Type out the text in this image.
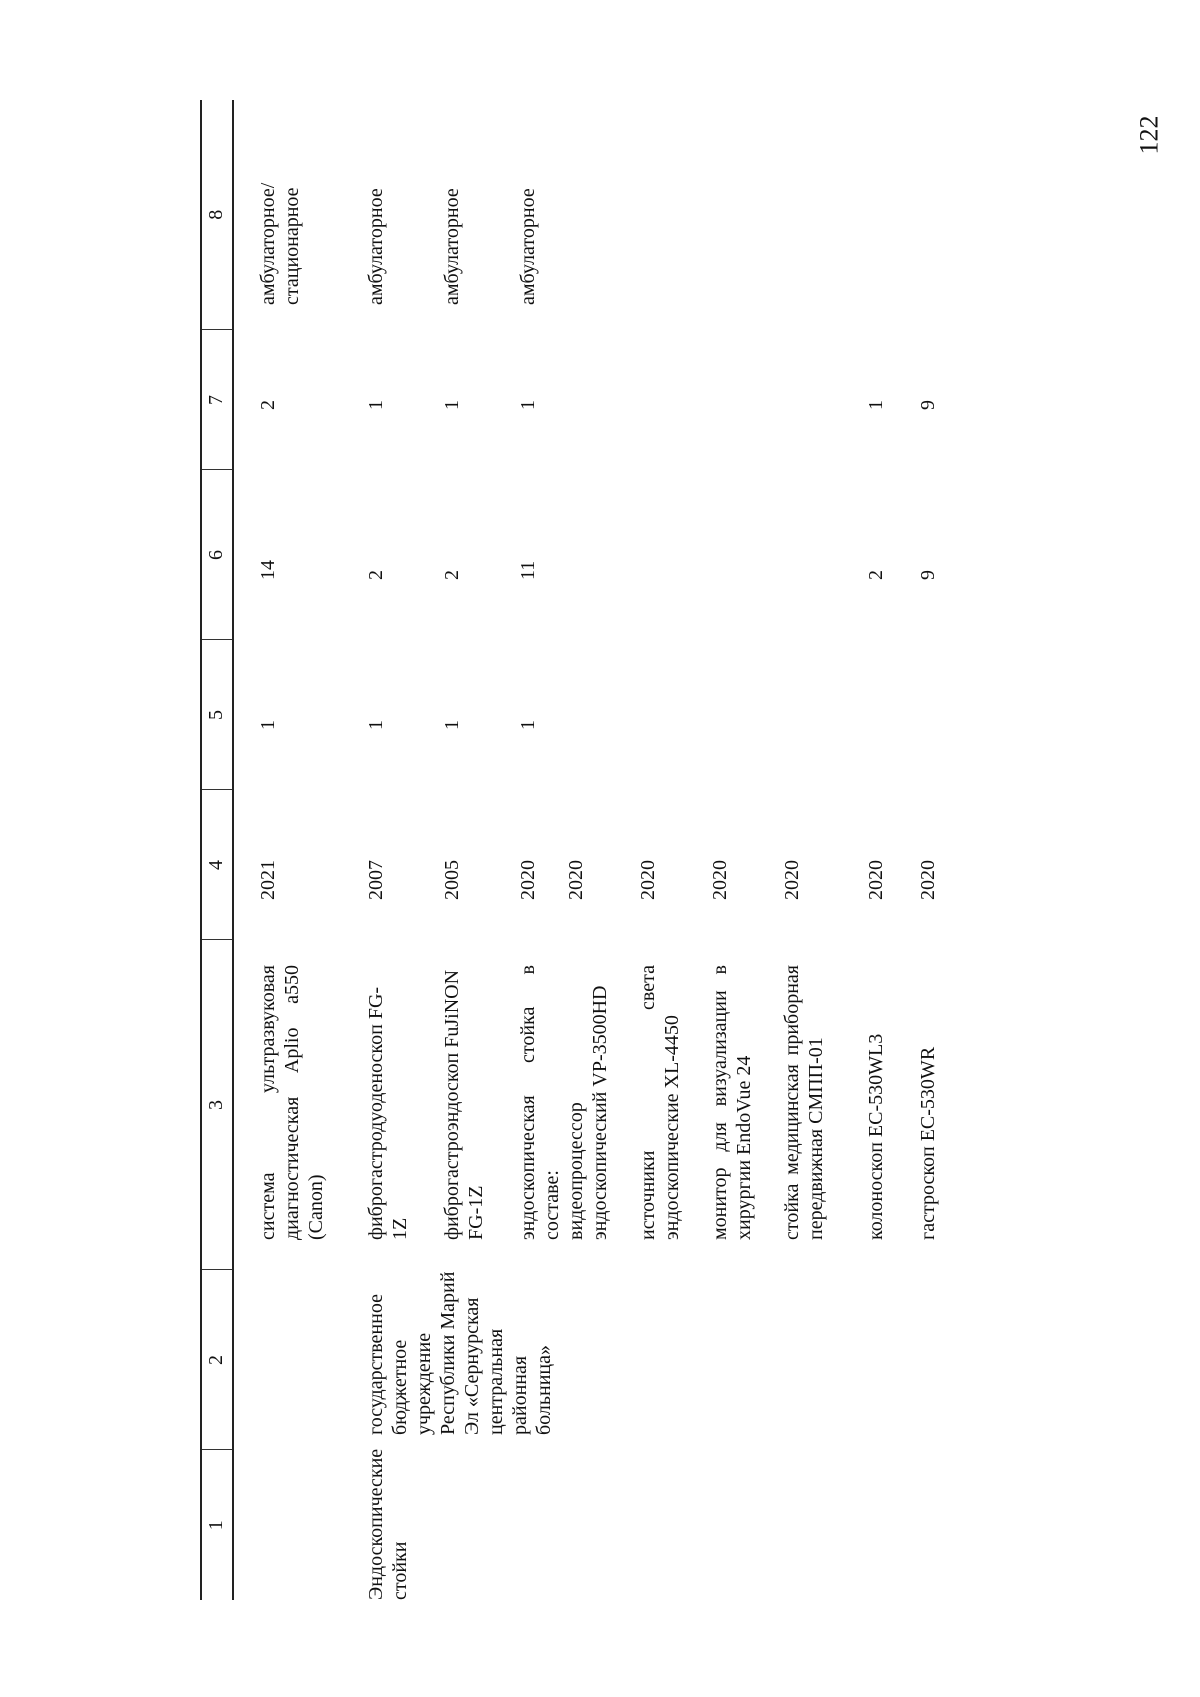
122
1	2	3	4	5	6	7	8

		система ультразвуковая диагностическая Aplio a550 (Canon)	2021	1	14	2	амбулаторное/ стационарное

Эндоскопические стойки	государственное бюджетное учреждение Республики Марий Эл «Сернурская центральная районная больница»	фиброгастродуоденоскоп FG-1Z	2007	1	2	1	амбулаторное

		фиброгастроэндоскоп FuJiNON FG-1Z	2005	1	2	1	амбулаторное

		эндоскопическая стойка в составе:	2020	1	11	1	амбулаторное

		видеопроцессор эндоскопический VP-3500HD	2020				

		источники света эндоскопические XL-4450	2020				

		монитор для визуализации в хирургии EndoVue 24	2020				

		стойка медицинская приборная передвижная СМПП-01	2020				

		колоноскоп EC-530WL3	2020		2	1	

		гастроскоп EC-530WR	2020		9	9	
